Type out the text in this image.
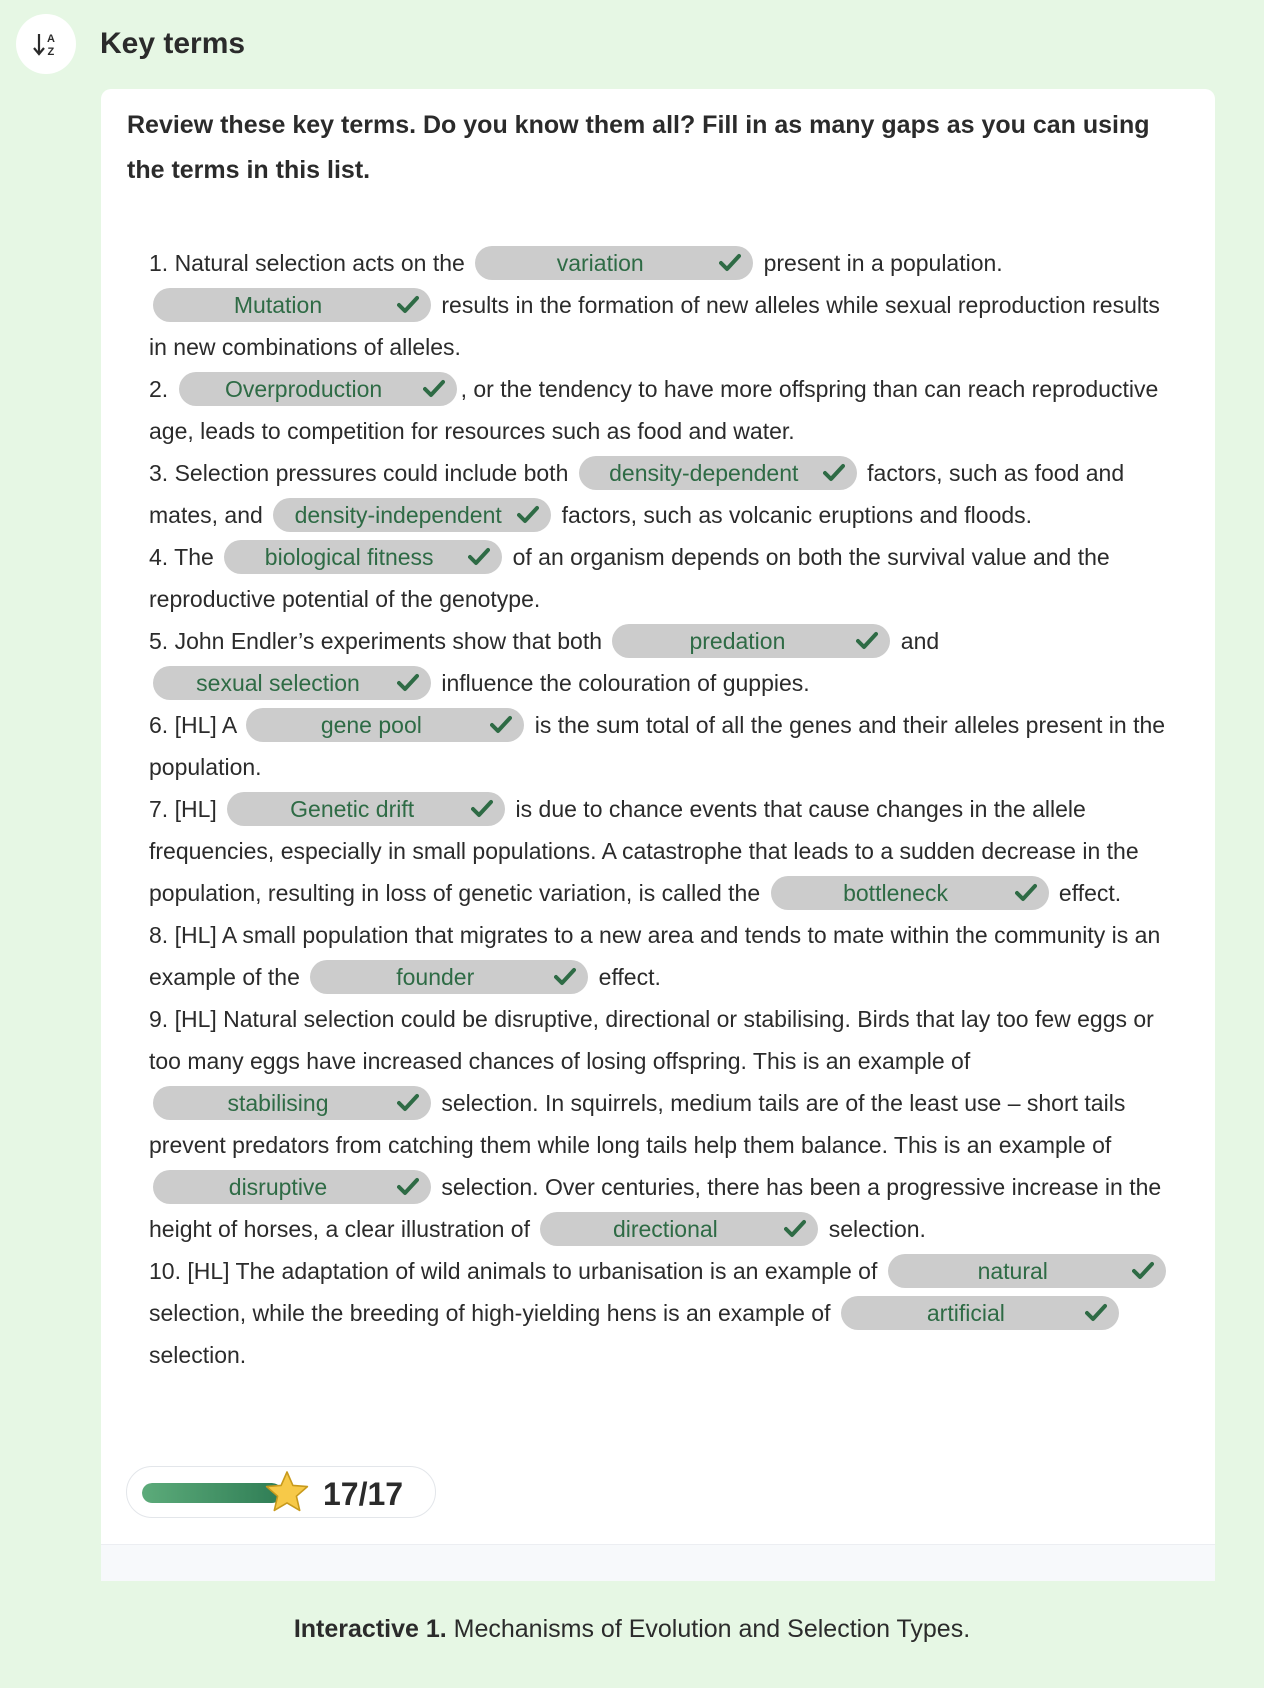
A
Z Key terms
Review these key terms. Do you know them all? Fill in as many gaps as you can using the terms in this list.
1. Natural selection acts on the	variation	present in a population.
Mutation	results in the formation of new alleles while sexual reproduction results in new combinations of alleles.
2.	Overproduction	, or the tendency to have more offspring than can reach reproductive age, leads to competition for resources such as food and water.
3. Selection pressures could include both	density-dependent	factors, such as food and mates, and	density-independent	factors, such as volcanic eruptions and floods.
4. The	biological fitness	of an organism depends on both the survival value and the reproductive potential of the genotype.
5. John Endler’s experiments show that both	predation	and
sexual selection	influence the colouration of guppies.
6. [HL] A	gene pool	is the sum total of all the genes and their alleles present in the population.
7. [HL]	Genetic drift	is due to chance events that cause changes in the allele frequencies, especially in small populations. A catastrophe that leads to a sudden decrease in the population, resulting in loss of genetic variation, is called the	bottleneck	effect.
8. [HL] A small population that migrates to a new area and tends to mate within the community is an example of the	founder	effect.
9. [HL] Natural selection could be disruptive, directional or stabilising. Birds that lay too few eggs or too many eggs have increased chances of losing offspring. This is an example of
stabilising	selection. In squirrels, medium tails are of the least use – short tails prevent predators from catching them while long tails help them balance. This is an example of
disruptive	selection. Over centuries, there has been a progressive increase in the height of horses, a clear illustration of	directional	selection.
10. [HL] The adaptation of wild animals to urbanisation is an example of	natural
selection, while the breeding of high-yielding hens is an example of	artificial
selection.
17/17
Interactive 1. Mechanisms of Evolution and Selection Types.
